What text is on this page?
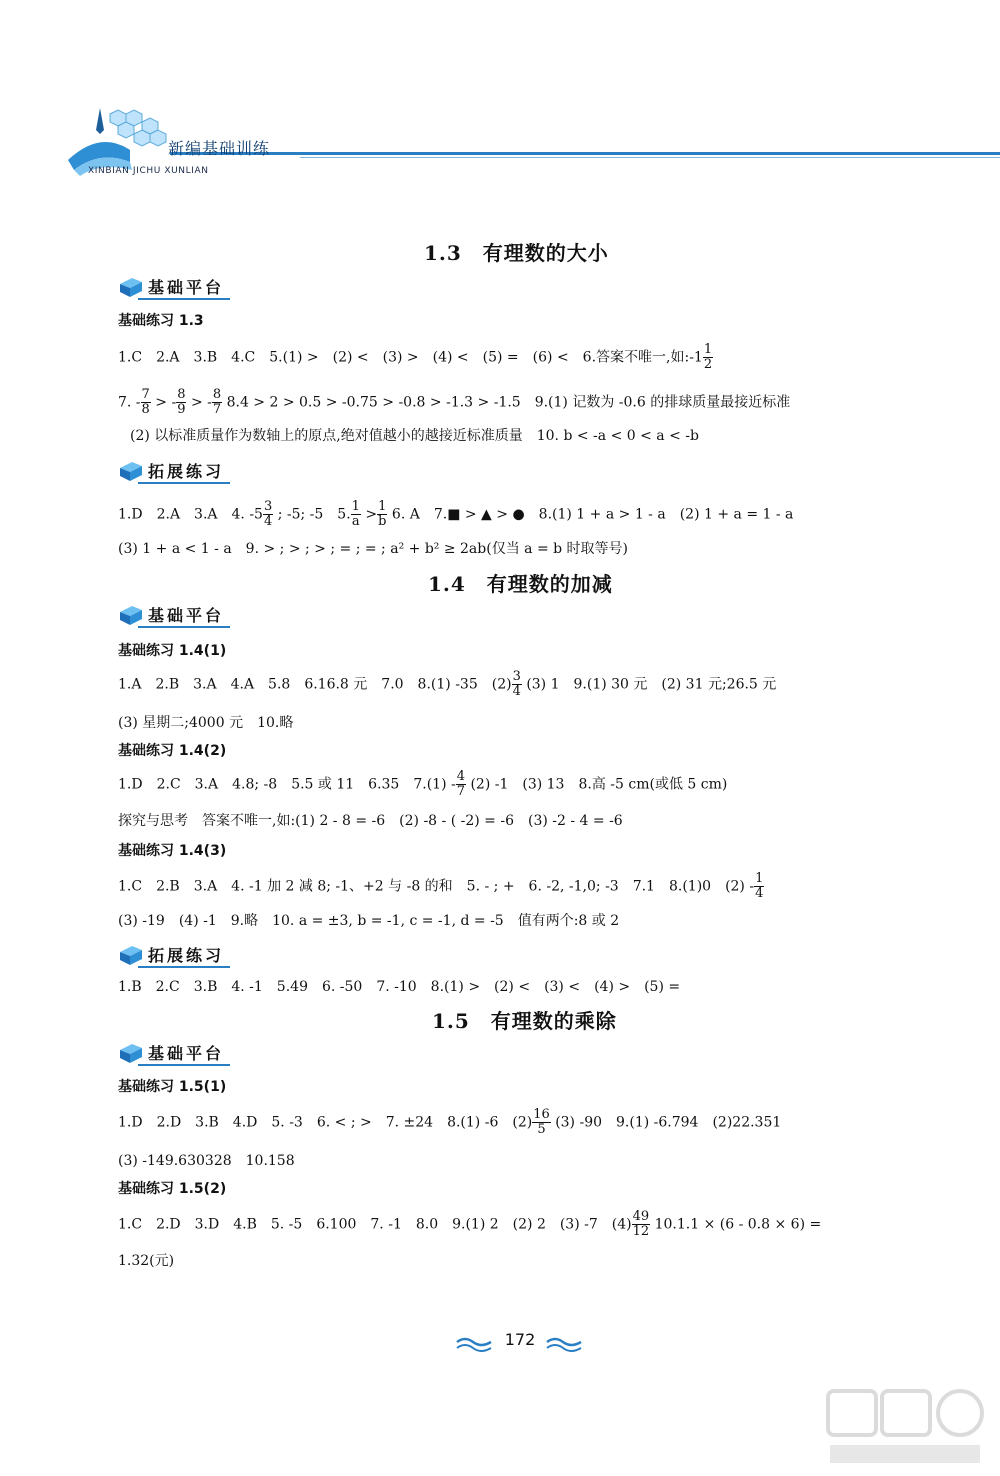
新编基础训练
XINBIAN JICHU XUNLIAN
1.3　有理数的大小
基础平台
基础练习 1.3
1.C　2.A　3.B　4.C　5.(1) >　(2) <　(3) >　(4) <　(5) =　(6) <　6.答案不唯一,如:-1 $\frac{1}{2}$
7. - $\frac{7}{8}$ > - $\frac{8}{9}$ > - $\frac{8}{7} 8.4 > 2 > 0.5 > -0.75 > -0.8 > -1.3 > -1.5$　9.(1) 记数为 -0.6 的排球质量最接近标准
(2) 以标准质量作为数轴上的原点,绝对值越小的越接近标准质量　10. b < -a < 0 < a < -b
拓展练习
1.D　2.A　3.A　4. $-5 \frac{3}{4}$ ; -5; -5　5. $\frac{1}{a} > \frac{1}{b} 6$. A　7.■ > ▲ > ●　8.(1) 1 + a > 1 - a　(2) 1 + a = 1 - a
(3) 1 + a < 1 - a　9. > ; > ; > ; = ; = ; a² + b² ≥ 2ab(仅当 a = b 时取等号)
1.4　有理数的加减
基础平台
基础练习 1.4(1)
1.A　2.B　3.A　4.A　5.8　6.16.8 元　7.0　8.(1) -35　$(2) \frac{3}{4} (3)$ 1　9.(1) 30 元　(2) 31 元;26.5 元
(3) 星期二;4000 元　10.略
基础练习 1.4(2)
1.D　2.C　3.A　4.8; -8　5.5 或 11　6.35　$7.(1) - \frac{4}{7} (2)$ -1　(3) 13　8.高 -5 cm(或低 5 cm)
探究与思考　答案不唯一,如:(1) 2 - 8 = -6　(2) -8 - ( -2) = -6　(3) -2 - 4 = -6
基础练习 1.4(3)
1.C　2.B　3.A　4. -1 加 2 减 8; -1、+2 与 -8 的和　5. - ; +　6. -2, -1,0; -3　7.1　8.(1)0　$(2) - \frac{1}{4}$
(3) -19　(4) -1　9.略　10. a = ±3, b = -1, c = -1, d = -5　值有两个:8 或 2
拓展练习
1.B　2.C　3.B　4. -1　5.49　6. -50　7. -10　8.(1) >　(2) <　(3) <　(4) >　(5) =
1.5　有理数的乘除
基础平台
基础练习 1.5(1)
1.D　2.D　3.B　4.D　5. -3　6. < ; >　7. ±24　8.(1) -6　$(2) \frac{16}{5} (3)$ -90　9.(1) -6.794　(2)22.351
(3) -149.630328　10.158
基础练习 1.5(2)
1.C　2.D　3.D　4.B　5. -5　6.100　7. -1　8.0　9.(1) 2　(2) 2　(3) -7　$(4) \frac{49}{12} 10.1.1 \times (6 - 0.8 \times 6)$ =
1.32(元)
172
